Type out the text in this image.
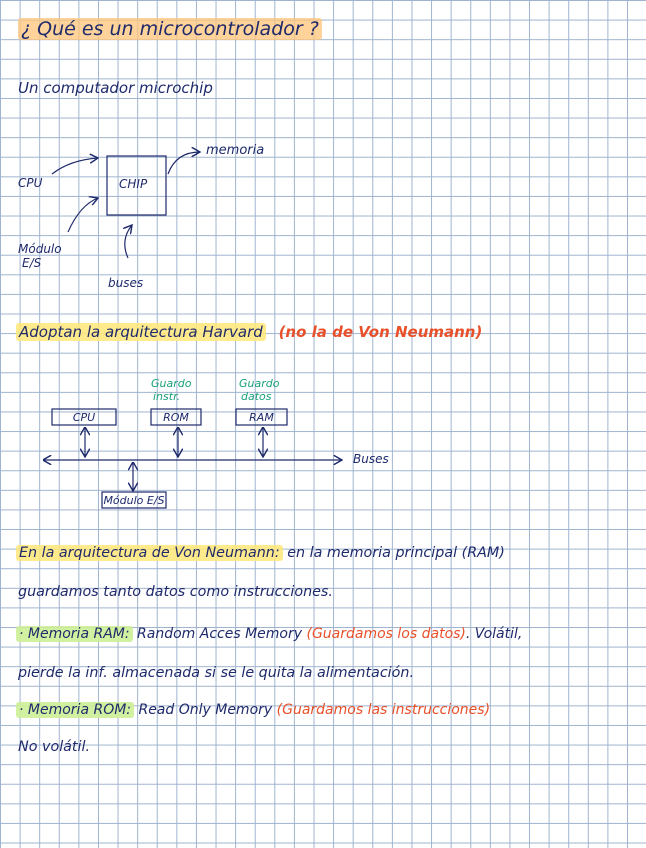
¿ Qué es un microcontrolador ?
Un computador microchip
CHIP
CPU
memoria
Módulo
E/S
buses
Adoptan la arquitectura Harvard (no la de Von Neumann)
CPU	ROM	RAM
Módulo E/S
Guardo
instr.
Guardo
datos
Buses
En la arquitectura de Von Neumann: en la memoria principal (RAM)
guardamos tanto datos como instrucciones.
· Memoria RAM: Random Acces Memory (Guardamos los datos). Volátil,
pierde la inf. almacenada si se le quita la alimentación.
· Memoria ROM: Read Only Memory (Guardamos las instrucciones)
No volátil.
